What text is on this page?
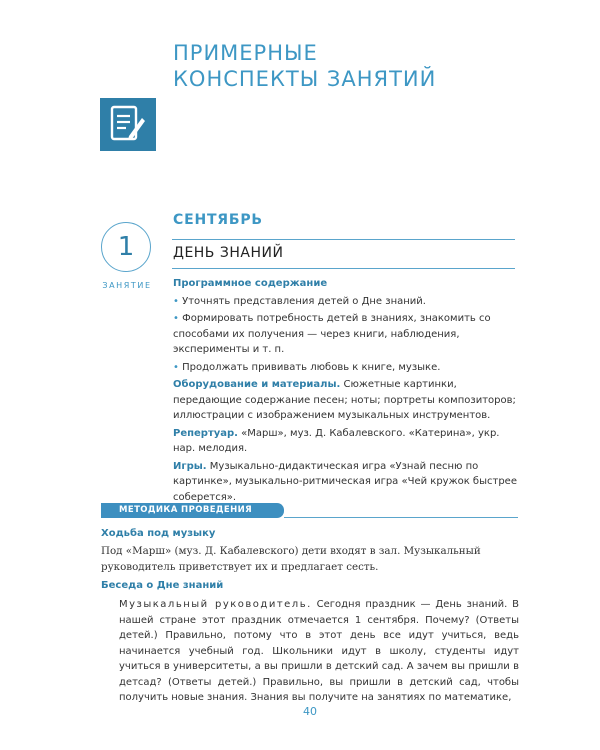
ПРИМЕРНЫЕ
КОНСПЕКТЫ ЗАНЯТИЙ
1
ЗАНЯТИЕ
СЕНТЯБРЬ
ДЕНЬ ЗНАНИЙ

Программное содержание

• Уточнять представления детей о Дне знаний.

• Формировать потребность детей в знаниях, знакомить со способами их получения — через книги, наблюдения, эксперименты и т. п.

• Продолжать прививать любовь к книге, музыке.

Оборудование и материалы. Сюжетные картинки, передающие содержание песен; ноты; портреты композиторов; иллюстрации с изображением музыкальных инструментов.

Репертуар. «Марш», муз. Д. Кабалевского. «Катерина», укр. нар. мелодия.

Игры. Музыкально-дидактическая игра «Узнай песню по картинке», музыкально-ритмическая игра «Чей кружок быстрее соберется».

МЕТОДИКА ПРОВЕДЕНИЯ
Ходьба под музыку
Под «Марш» (муз. Д. Кабалевского) дети входят в зал. Музыкальный руководитель приветствует их и предлагает сесть.
Беседа о Дне знаний
Музыкальный руководитель. Сегодня праздник — День знаний. В нашей стране этот праздник отмечается 1 сентября. Почему? (Ответы детей.) Правильно, потому что в этот день все идут учиться, ведь начинается учебный год. Школьники идут в школу, студенты идут учиться в университеты, а вы пришли в детский сад. А зачем вы пришли в детсад? (Ответы детей.) Правильно, вы пришли в детский сад, чтобы получить новые знания. Знания вы получите на занятиях по математике,
40
